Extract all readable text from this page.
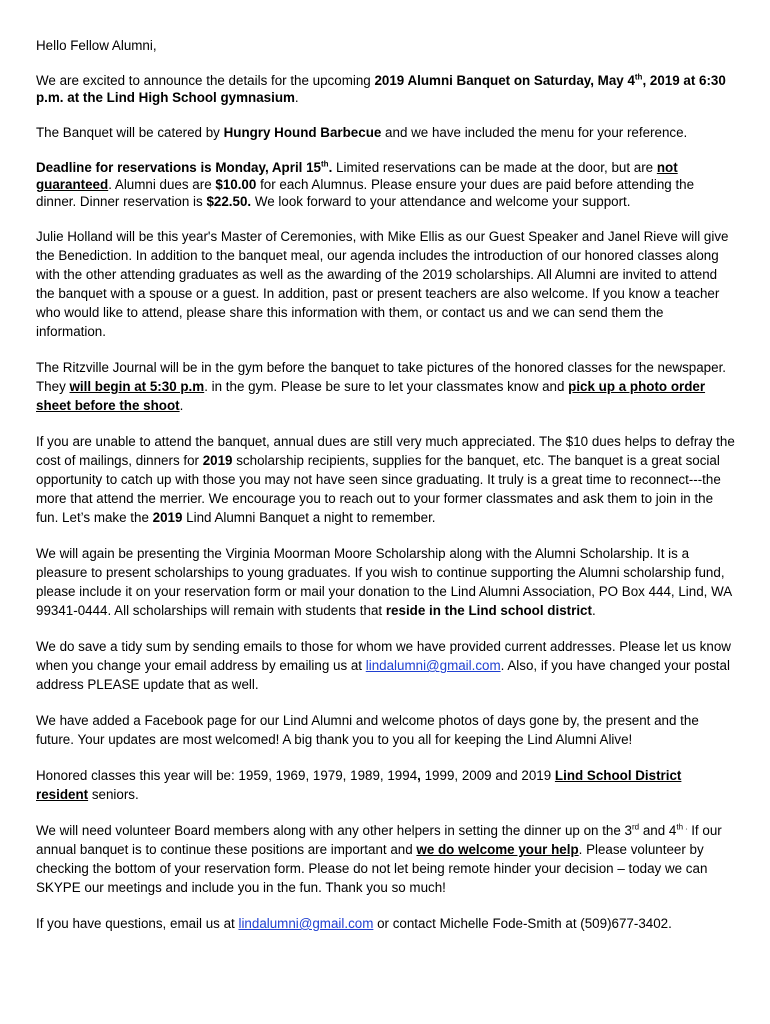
Hello Fellow Alumni,

We are excited to announce the details for the upcoming 2019 Alumni Banquet on Saturday, May 4th, 2019 at 6:30 p.m. at the Lind High School gymnasium.

The Banquet will be catered by Hungry Hound Barbecue and we have included the menu for your reference.

Deadline for reservations is Monday, April 15th. Limited reservations can be made at the door, but are not guaranteed. Alumni dues are $10.00 for each Alumnus. Please ensure your dues are paid before attending the dinner. Dinner reservation is $22.50. We look forward to your attendance and welcome your support.

Julie Holland will be this year's Master of Ceremonies, with Mike Ellis as our Guest Speaker and Janel Rieve will give the Benediction. In addition to the banquet meal, our agenda includes the introduction of our honored classes along with the other attending graduates as well as the awarding of the 2019 scholarships. All Alumni are invited to attend the banquet with a spouse or a guest. In addition, past or present teachers are also welcome. If you know a teacher who would like to attend, please share this information with them, or contact us and we can send them the information.

The Ritzville Journal will be in the gym before the banquet to take pictures of the honored classes for the newspaper. They will begin at 5:30 p.m. in the gym. Please be sure to let your classmates know and pick up a photo order sheet before the shoot.

If you are unable to attend the banquet, annual dues are still very much appreciated. The $10 dues helps to defray the cost of mailings, dinners for 2019 scholarship recipients, supplies for the banquet, etc. The banquet is a great social opportunity to catch up with those you may not have seen since graduating. It truly is a great time to reconnect---the more that attend the merrier. We encourage you to reach out to your former classmates and ask them to join in the fun. Let’s make the 2019 Lind Alumni Banquet a night to remember.

We will again be presenting the Virginia Moorman Moore Scholarship along with the Alumni Scholarship. It is a pleasure to present scholarships to young graduates. If you wish to continue supporting the Alumni scholarship fund, please include it on your reservation form or mail your donation to the Lind Alumni Association, PO Box 444, Lind, WA 99341-0444. All scholarships will remain with students that reside in the Lind school district.

We do save a tidy sum by sending emails to those for whom we have provided current addresses. Please let us know when you change your email address by emailing us at lindalumni@gmail.com. Also, if you have changed your postal address PLEASE update that as well.

We have added a Facebook page for our Lind Alumni and welcome photos of days gone by, the present and the future. Your updates are most welcomed! A big thank you to you all for keeping the Lind Alumni Alive!

Honored classes this year will be: 1959, 1969, 1979, 1989, 1994, 1999, 2009 and 2019 Lind School District resident seniors.

We will need volunteer Board members along with any other helpers in setting the dinner up on the 3rd and $4^{th .}$ If our annual banquet is to continue these positions are important and we do welcome your help. Please volunteer by checking the bottom of your reservation form. Please do not let being remote hinder your decision – today we can SKYPE our meetings and include you in the fun. Thank you so much!

If you have questions, email us at lindalumni@gmail.com or contact Michelle Fode-Smith at (509)677-3402.
